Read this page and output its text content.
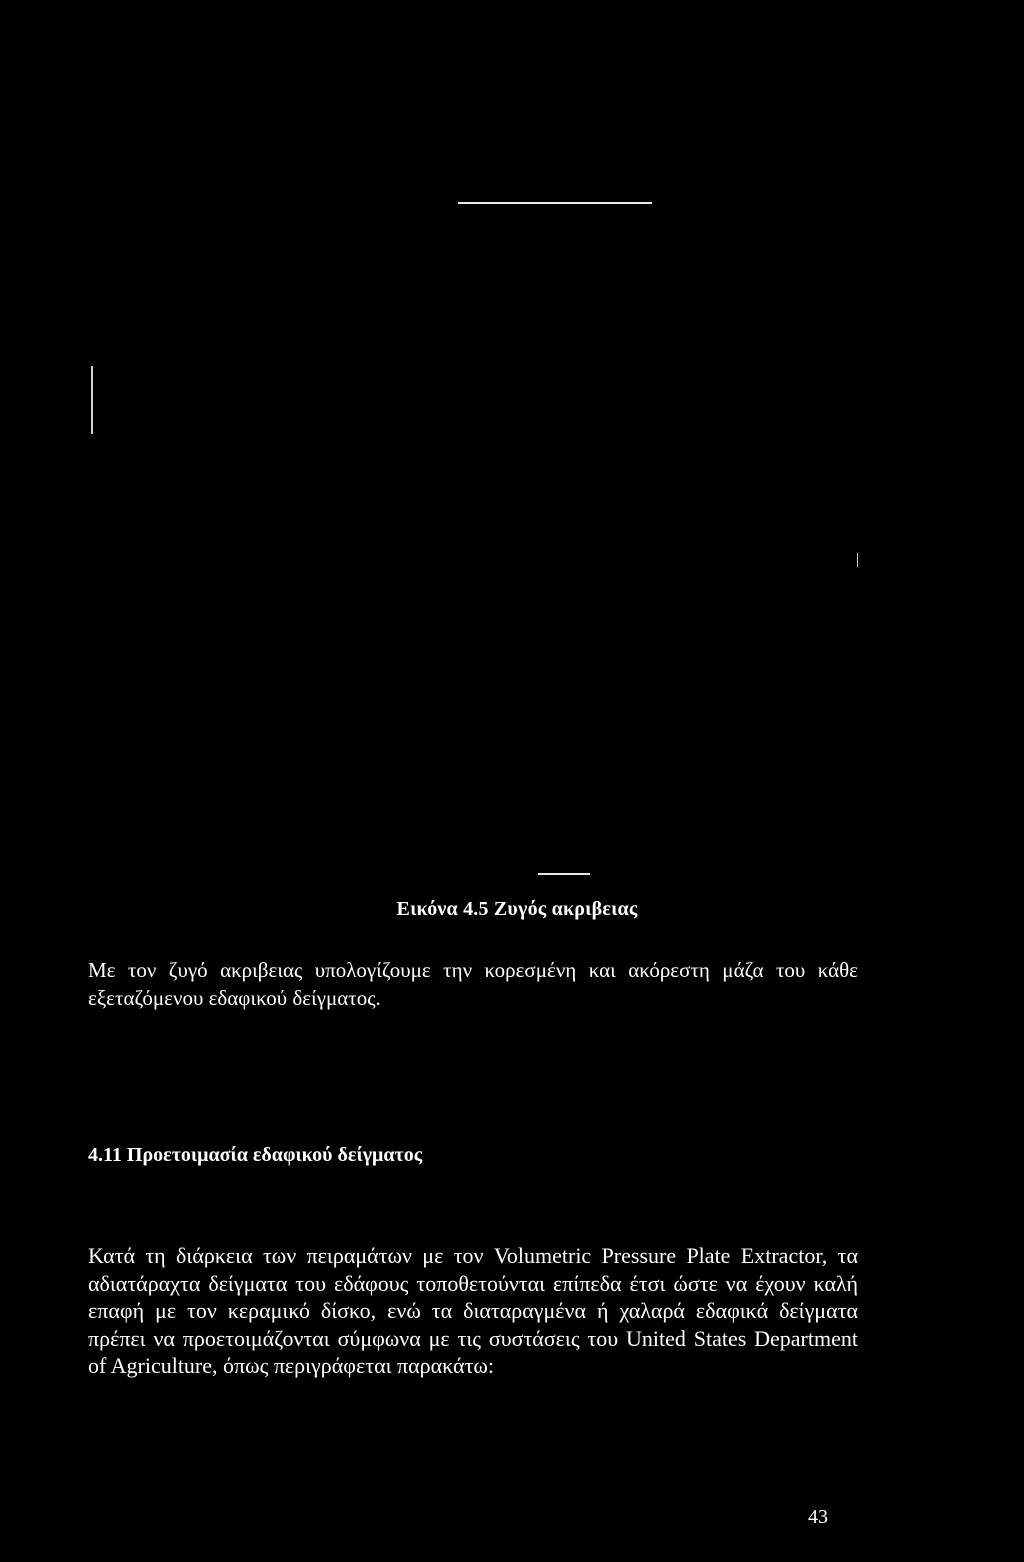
Εικόνα 4.5 Ζυγός ακριβειας

Με τον ζυγό ακριβειας υπολογίζουμε την κορεσμένη και ακόρεστη μάζα του κάθε εξεταζόμενου εδαφικού δείγματος.

4.11 Προετοιμασία εδαφικού δείγματος

Κατά τη διάρκεια των πειραμάτων με τον Volumetric Pressure Plate Extractor, τα αδιατάραχτα δείγματα του εδάφους τοποθετούνται επίπεδα έτσι ώστε να έχουν καλή επαφή με τον κεραμικό δίσκο, ενώ τα διαταραγμένα ή χαλαρά εδαφικά δείγματα πρέπει να προετοιμάζονται σύμφωνα με τις συστάσεις του United States Department of Agriculture, όπως περιγράφεται παρακάτω:

43
